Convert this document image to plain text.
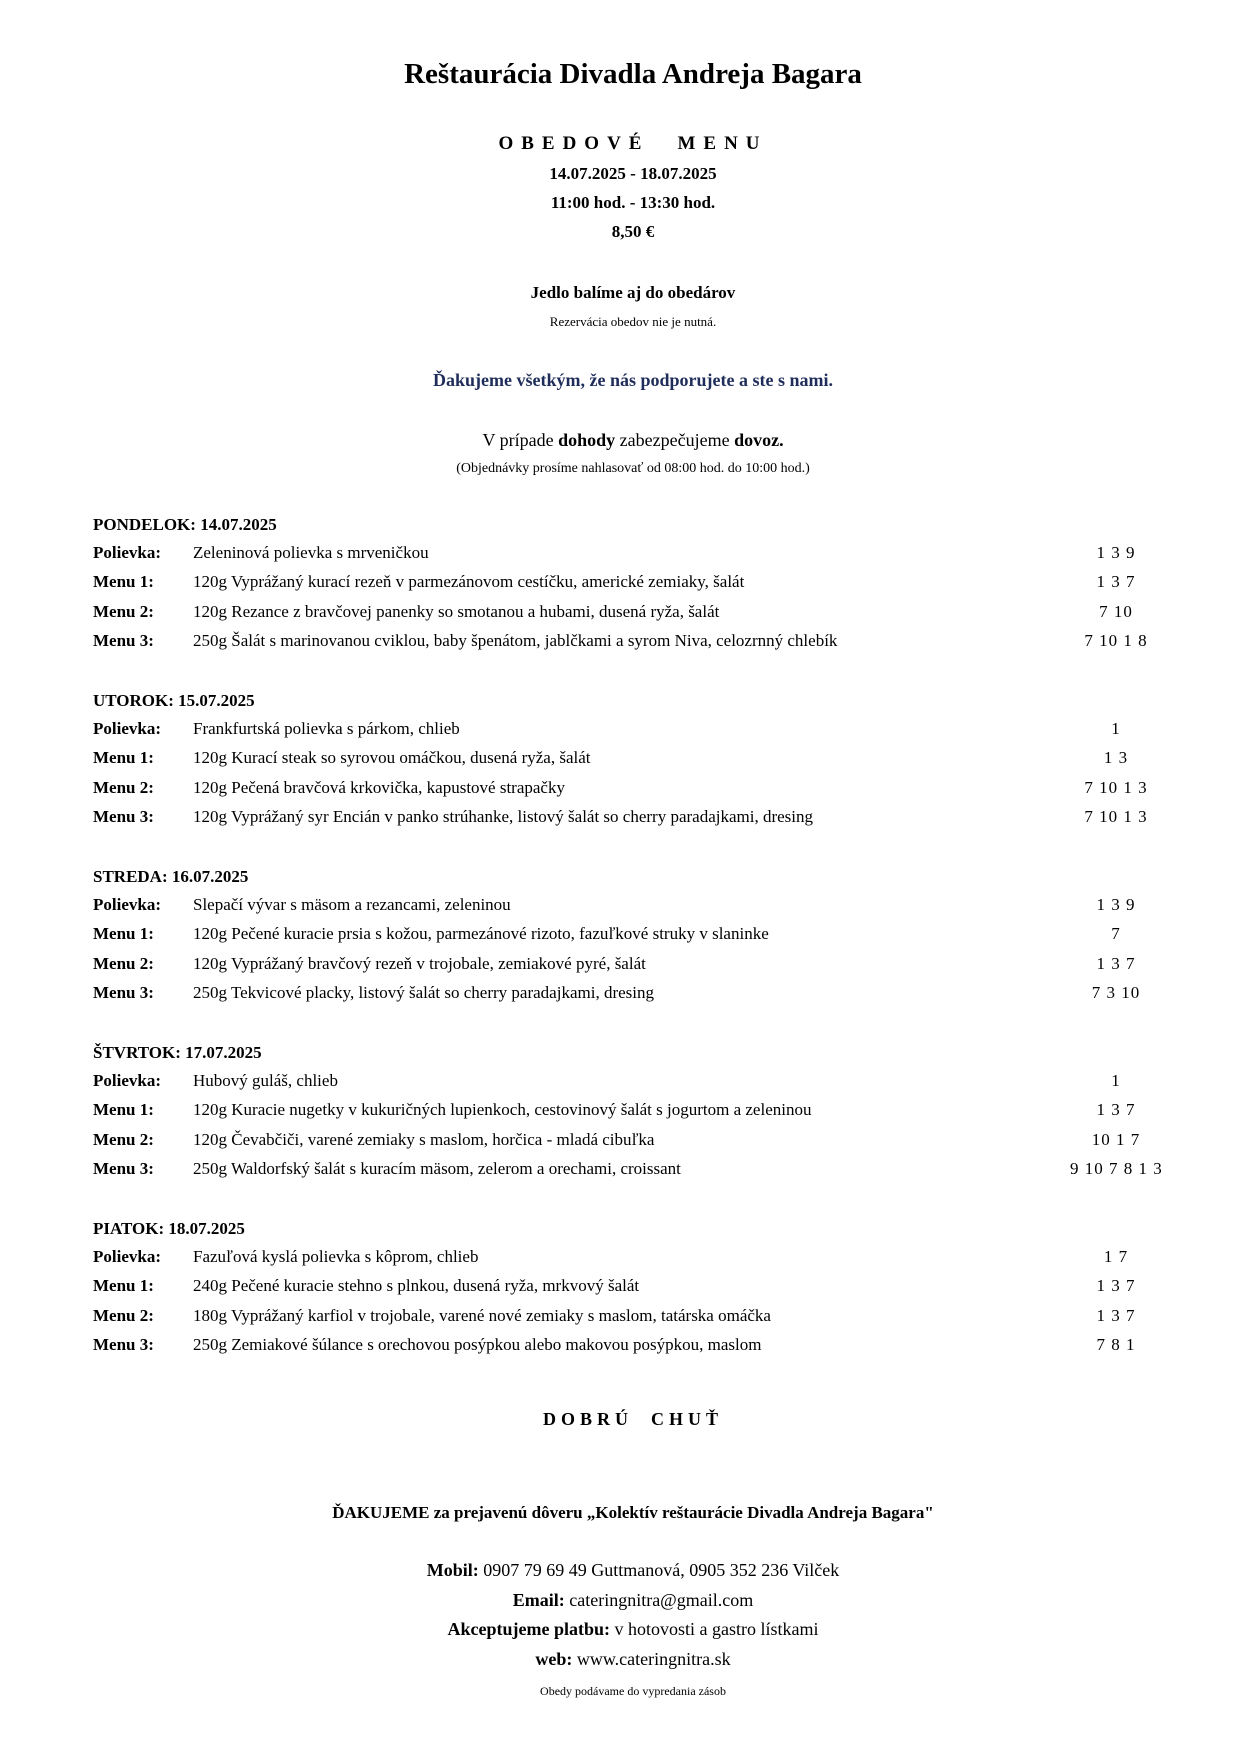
Reštaurácia Divadla Andreja Bagara
OBEDOVÉ MENU
14.07.2025 - 18.07.2025
11:00 hod. - 13:30 hod.
8,50 €
Jedlo balíme aj do obedárov
Rezervácia obedov nie je nutná.
Ďakujeme všetkým, že nás podporujete a ste s nami.
V prípade dohody zabezpečujeme dovoz.
(Objednávky prosíme nahlasovať od 08:00 hod. do 10:00 hod.)
PONDELOK: 14.07.2025
Polievka: Zeleninová polievka s mrveničkou	1 3 9
Menu 1: 120g Vyprážaný kurací rezeň v parmezánovom cestíčku, americké zemiaky, šalát	1 3 7
Menu 2: 120g Rezance z bravčovej panenky so smotanou a hubami, dusená ryža, šalát	7 10
Menu 3: 250g Šalát s marinovanou cviklou, baby špenátom, jablčkami a syrom Niva, celozrnný chlebík	7 10 1 8
UTOROK: 15.07.2025
Polievka: Frankfurtská polievka s párkom, chlieb	1
Menu 1: 120g Kurací steak so syrovou omáčkou, dusená ryža, šalát	1 3
Menu 2: 120g Pečená bravčová krkovička, kapustové strapačky	7 10 1 3
Menu 3: 120g Vyprážaný syr Encián v panko strúhanke, listový šalát so cherry paradajkami, dresing	7 10 1 3
STREDA: 16.07.2025
Polievka: Slepačí vývar s mäsom a rezancami, zeleninou	1 3 9
Menu 1: 120g Pečené kuracie prsia s kožou, parmezánové rizoto, fazuľkové struky v slaninke	7
Menu 2: 120g Vyprážaný bravčový rezeň v trojobale, zemiakové pyré, šalát	1 3 7
Menu 3: 250g Tekvicové placky, listový šalát so cherry paradajkami, dresing	7 3 10
ŠTVRTOK: 17.07.2025
Polievka: Hubový guláš, chlieb	1
Menu 1: 120g Kuracie nugetky v kukuričných lupienkoch, cestovinový šalát s jogurtom a zeleninou	1 3 7
Menu 2: 120g Čevabčiči, varené zemiaky s maslom, horčica - mladá cibuľka	10 1 7
Menu 3: 250g Waldorfský šalát s kuracím mäsom, zelerom a orechami, croissant	9 10 7 8 1 3
PIATOK: 18.07.2025
Polievka: Fazuľová kyslá polievka s kôprom, chlieb	1 7
Menu 1: 240g Pečené kuracie stehno s plnkou, dusená ryža, mrkvový šalát	1 3 7
Menu 2: 180g Vyprážaný karfiol v trojobale, varené nové zemiaky s maslom, tatárska omáčka	1 3 7
Menu 3: 250g Zemiakové šúlance s orechovou posýpkou alebo makovou posýpkou, maslom	7 8 1
DOBRÚ CHUŤ
ĎAKUJEME za prejavenú dôveru „Kolektív reštaurácie Divadla Andreja Bagara"
Mobil: 0907 79 69 49 Guttmanová, 0905 352 236 Vilček
Email: cateringnitra@gmail.com
Akceptujeme platbu: v hotovosti a gastro lístkami
web: www.cateringnitra.sk
Obedy podávame do vypredania zásob
